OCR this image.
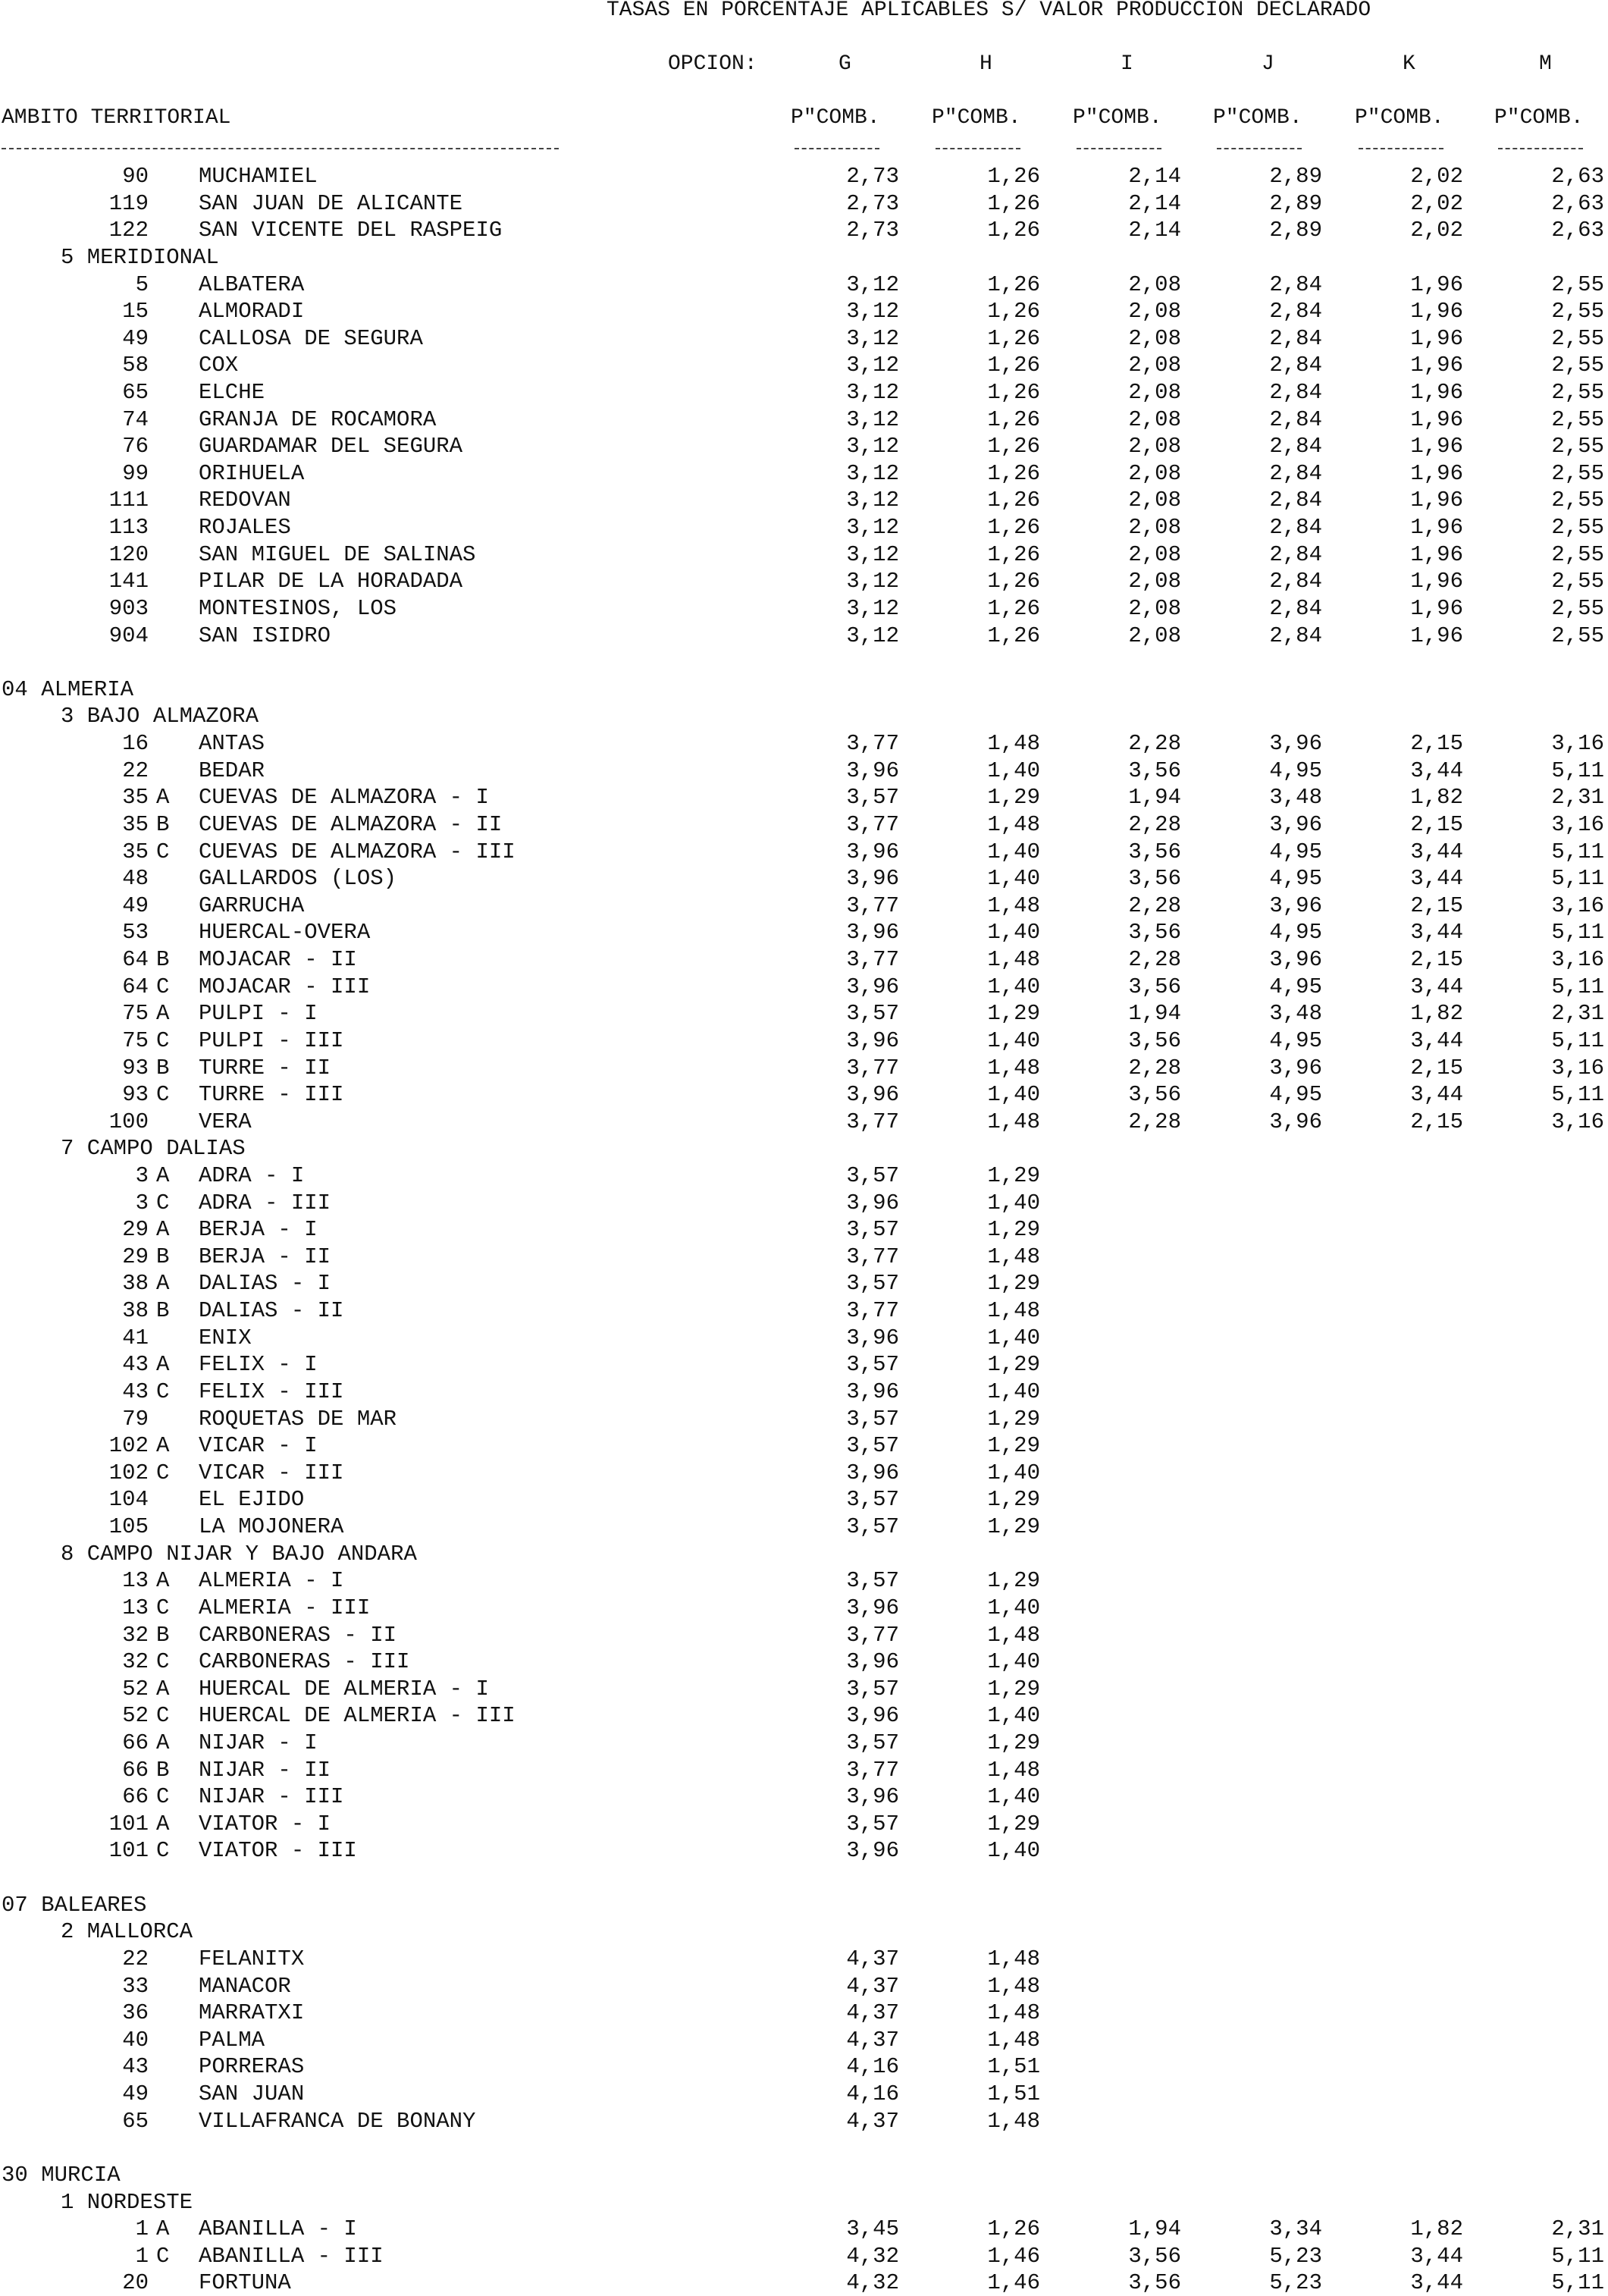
TASAS EN PORCENTAJE APLICABLES S/ VALOR PRODUCCION DECLARADO
OPCION:	G	H	I	J	K	M
AMBITO TERRITORIAL	P"COMB. P"COMB. P"COMB. P"COMB. P"COMB. P"COMB.
90 MUCHAMIEL	2,73	1,26	2,14	2,89	2,02	2,63
119 SAN JUAN DE ALICANTE	2,73	1,26	2,14	2,89	2,02	2,63
122 SAN VICENTE DEL RASPEIG	2,73	1,26	2,14	2,89	2,02	2,63
5 MERIDIONAL
5 ALBATERA	3,12	1,26	2,08	2,84	1,96	2,55
15 ALMORADI	3,12	1,26	2,08	2,84	1,96	2,55
49 CALLOSA DE SEGURA	3,12	1,26	2,08	2,84	1,96	2,55
58 COX	3,12	1,26	2,08	2,84	1,96	2,55
65 ELCHE	3,12	1,26	2,08	2,84	1,96	2,55
74 GRANJA DE ROCAMORA	3,12	1,26	2,08	2,84	1,96	2,55
76 GUARDAMAR DEL SEGURA	3,12	1,26	2,08	2,84	1,96	2,55
99 ORIHUELA	3,12	1,26	2,08	2,84	1,96	2,55
111 REDOVAN	3,12	1,26	2,08	2,84	1,96	2,55
113 ROJALES	3,12	1,26	2,08	2,84	1,96	2,55
120 SAN MIGUEL DE SALINAS	3,12	1,26	2,08	2,84	1,96	2,55
141 PILAR DE LA HORADADA	3,12	1,26	2,08	2,84	1,96	2,55
903 MONTESINOS, LOS	3,12	1,26	2,08	2,84	1,96	2,55
904 SAN ISIDRO	3,12	1,26	2,08	2,84	1,96	2,55
04 ALMERIA
3 BAJO ALMAZORA
16 ANTAS	3,77	1,48	2,28	3,96	2,15	3,16
22 BEDAR	3,96	1,40	3,56	4,95	3,44	5,11
35 A CUEVAS DE ALMAZORA - I	3,57	1,29	1,94	3,48	1,82	2,31
35 B CUEVAS DE ALMAZORA - II	3,77	1,48	2,28	3,96	2,15	3,16
35 C CUEVAS DE ALMAZORA - III	3,96	1,40	3,56	4,95	3,44	5,11
48 GALLARDOS (LOS)	3,96	1,40	3,56	4,95	3,44	5,11
49 GARRUCHA	3,77	1,48	2,28	3,96	2,15	3,16
53 HUERCAL-OVERA	3,96	1,40	3,56	4,95	3,44	5,11
64 B MOJACAR - II	3,77	1,48	2,28	3,96	2,15	3,16
64 C MOJACAR - III	3,96	1,40	3,56	4,95	3,44	5,11
75 A PULPI - I	3,57	1,29	1,94	3,48	1,82	2,31
75 C PULPI - III	3,96	1,40	3,56	4,95	3,44	5,11
93 B TURRE - II	3,77	1,48	2,28	3,96	2,15	3,16
93 C TURRE - III	3,96	1,40	3,56	4,95	3,44	5,11
100 VERA	3,77	1,48	2,28	3,96	2,15	3,16
7 CAMPO DALIAS
3 A ADRA - I	3,57	1,29
3 C ADRA - III	3,96	1,40
29 A BERJA - I	3,57	1,29
29 B BERJA - II	3,77	1,48
38 A DALIAS - I	3,57	1,29
38 B DALIAS - II	3,77	1,48
41 ENIX	3,96	1,40
43 A FELIX - I	3,57	1,29
43 C FELIX - III	3,96	1,40
79 ROQUETAS DE MAR	3,57	1,29
102 A VICAR - I	3,57	1,29
102 C VICAR - III	3,96	1,40
104 EL EJIDO	3,57	1,29
105 LA MOJONERA	3,57	1,29
8 CAMPO NIJAR Y BAJO ANDARA
13 A ALMERIA - I	3,57	1,29
13 C ALMERIA - III	3,96	1,40
32 B CARBONERAS - II	3,77	1,48
32 C CARBONERAS - III	3,96	1,40
52 A HUERCAL DE ALMERIA - I	3,57	1,29
52 C HUERCAL DE ALMERIA - III	3,96	1,40
66 A NIJAR - I	3,57	1,29
66 B NIJAR - II	3,77	1,48
66 C NIJAR - III	3,96	1,40
101 A VIATOR - I	3,57	1,29
101 C VIATOR - III	3,96	1,40
07 BALEARES
2 MALLORCA
22 FELANITX	4,37	1,48
33 MANACOR	4,37	1,48
36 MARRATXI	4,37	1,48
40 PALMA	4,37	1,48
43 PORRERAS	4,16	1,51
49 SAN JUAN	4,16	1,51
65 VILLAFRANCA DE BONANY	4,37	1,48
30 MURCIA
1 NORDESTE
1 A ABANILLA - I	3,45	1,26	1,94	3,34	1,82	2,31
1 C ABANILLA - III	4,32	1,46	3,56	5,23	3,44	5,11
20 FORTUNA	4,32	1,46	3,56	5,23	3,44	5,11
